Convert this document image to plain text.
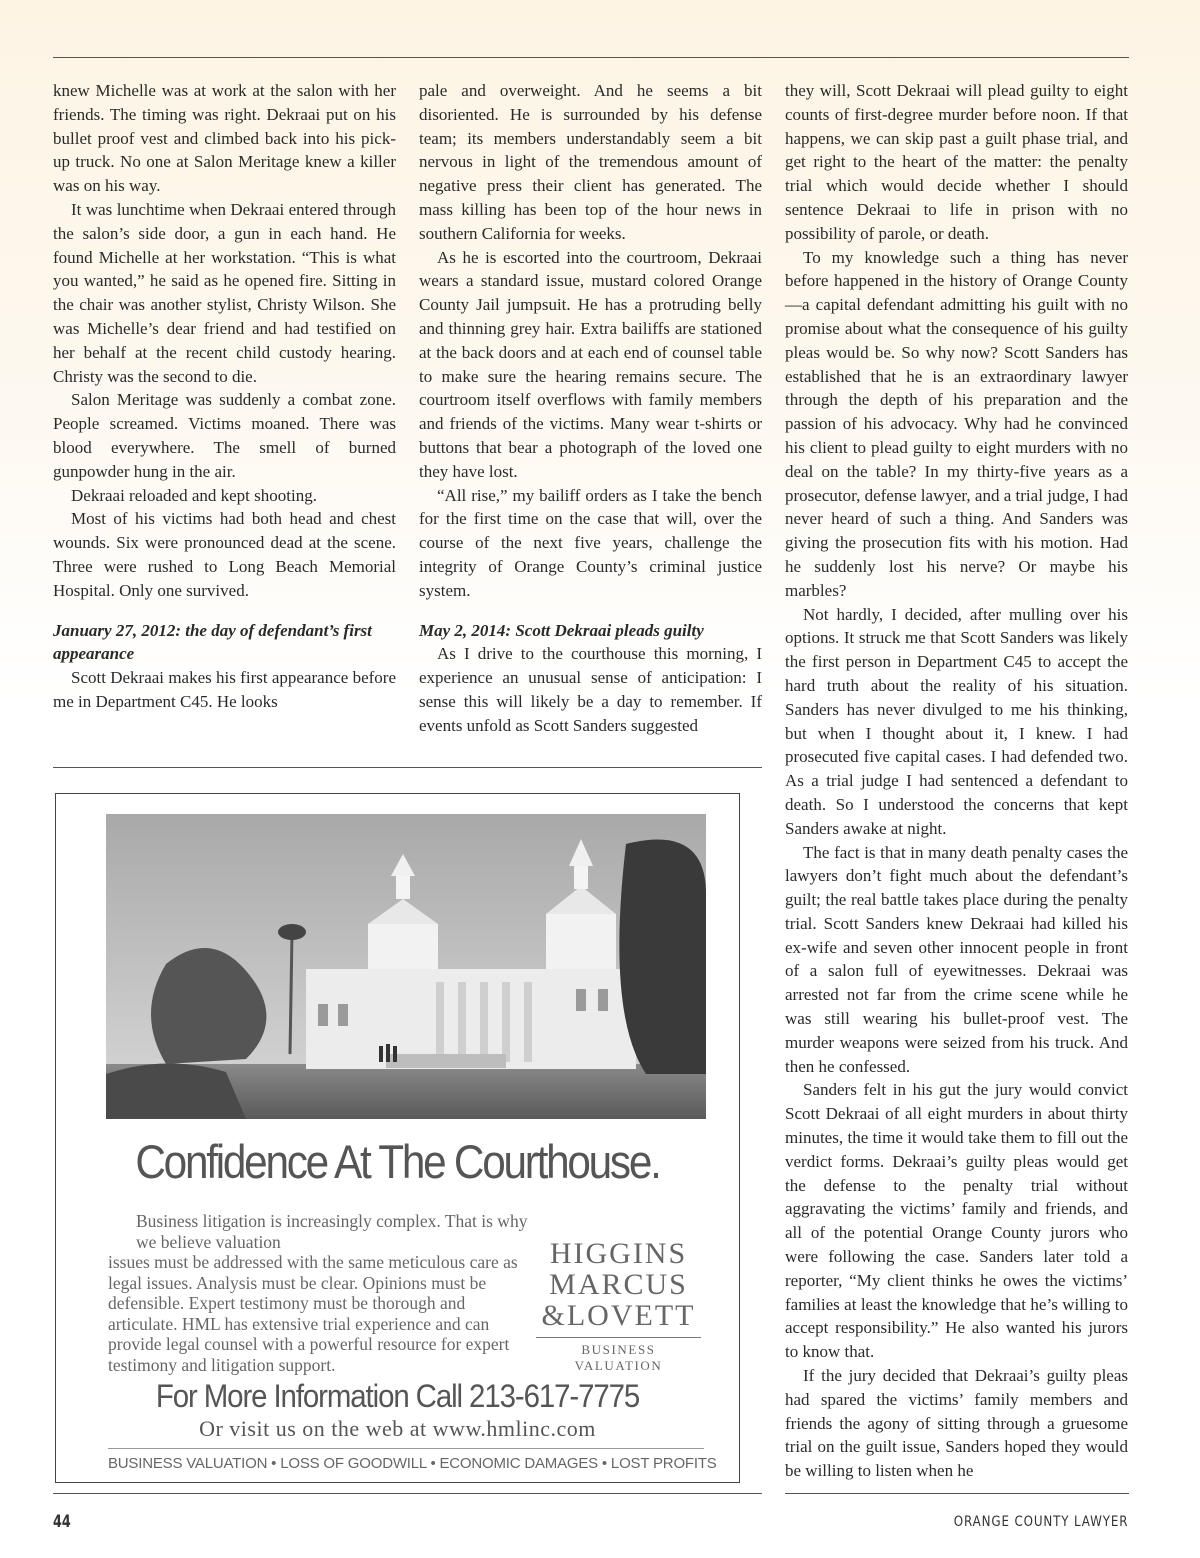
knew Michelle was at work at the salon with her friends. The timing was right. Dekraai put on his bullet proof vest and climbed back into his pick-up truck. No one at Salon Meritage knew a killer was on his way.

It was lunchtime when Dekraai entered through the salon’s side door, a gun in each hand. He found Michelle at her workstation. “This is what you wanted,” he said as he opened fire. Sitting in the chair was another stylist, Christy Wilson. She was Michelle’s dear friend and had testified on her behalf at the recent child custody hearing. Christy was the second to die.

Salon Meritage was suddenly a combat zone. People screamed. Victims moaned. There was blood everywhere. The smell of burned gunpowder hung in the air.

Dekraai reloaded and kept shooting.

Most of his victims had both head and chest wounds. Six were pronounced dead at the scene. Three were rushed to Long Beach Memorial Hospital. Only one survived.

January 27, 2012: the day of defendant’s first appearance

Scott Dekraai makes his first appearance before me in Department C45. He looks

pale and overweight. And he seems a bit disoriented. He is surrounded by his defense team; its members understandably seem a bit nervous in light of the tremendous amount of negative press their client has generated. The mass killing has been top of the hour news in southern California for weeks.

As he is escorted into the courtroom, Dekraai wears a standard issue, mustard colored Orange County Jail jumpsuit. He has a protruding belly and thinning grey hair. Extra bailiffs are stationed at the back doors and at each end of counsel table to make sure the hearing remains secure. The courtroom itself overflows with family members and friends of the victims. Many wear t-shirts or buttons that bear a photograph of the loved one they have lost.

“All rise,” my bailiff orders as I take the bench for the first time on the case that will, over the course of the next five years, challenge the integrity of Orange County’s criminal justice system.

May 2, 2014: Scott Dekraai pleads guilty

As I drive to the courthouse this morning, I experience an unusual sense of anticipation: I sense this will likely be a day to remember. If events unfold as Scott Sanders suggested

they will, Scott Dekraai will plead guilty to eight counts of first-degree murder before noon. If that happens, we can skip past a guilt phase trial, and get right to the heart of the matter: the penalty trial which would decide whether I should sentence Dekraai to life in prison with no possibility of parole, or death.

To my knowledge such a thing has never before happened in the history of Orange County—a capital defendant admitting his guilt with no promise about what the consequence of his guilty pleas would be. So why now? Scott Sanders has established that he is an extraordinary lawyer through the depth of his preparation and the passion of his advocacy. Why had he convinced his client to plead guilty to eight murders with no deal on the table? In my thirty-five years as a prosecutor, defense lawyer, and a trial judge, I had never heard of such a thing. And Sanders was giving the prosecution fits with his motion. Had he suddenly lost his nerve? Or maybe his marbles?

Not hardly, I decided, after mulling over his options. It struck me that Scott Sanders was likely the first person in Department C45 to accept the hard truth about the reality of his situation. Sanders has never divulged to me his thinking, but when I thought about it, I knew. I had prosecuted five capital cases. I had defended two. As a trial judge I had sentenced a defendant to death. So I understood the concerns that kept Sanders awake at night.

The fact is that in many death penalty cases the lawyers don’t fight much about the defendant’s guilt; the real battle takes place during the penalty trial. Scott Sanders knew Dekraai had killed his ex-wife and seven other innocent people in front of a salon full of eyewitnesses. Dekraai was arrested not far from the crime scene while he was still wearing his bullet-proof vest. The murder weapons were seized from his truck. And then he confessed.

Sanders felt in his gut the jury would convict Scott Dekraai of all eight murders in about thirty minutes, the time it would take them to fill out the verdict forms. Dekraai’s guilty pleas would get the defense to the penalty trial without aggravating the victims’ family and friends, and all of the potential Orange County jurors who were following the case. Sanders later told a reporter, “My client thinks he owes the victims’ families at least the knowledge that he’s willing to accept responsibility.” He also wanted his jurors to know that.

If the jury decided that Dekraai’s guilty pleas had spared the victims’ family members and friends the agony of sitting through a gruesome trial on the guilt issue, Sanders hoped they would be willing to listen when he

Confidence At The Courthouse.
Business litigation is increasingly complex. That is why we believe valuation
issues must be addressed with the same meticulous care as legal issues. Analysis must be clear. Opinions must be defensible. Expert testimony must be thorough and articulate. HML has extensive trial experience and can provide legal counsel with a powerful resource for expert testimony and litigation support.
HIGGINS
MARCUS
&LOVETT
BUSINESS VALUATION
For More Information Call 213-617-7775
Or visit us on the web at www.hmlinc.com
BUSINESS VALUATION • LOSS OF GOODWILL • ECONOMIC DAMAGES • LOST PROFITS
44	ORANGE COUNTY LAWYER
